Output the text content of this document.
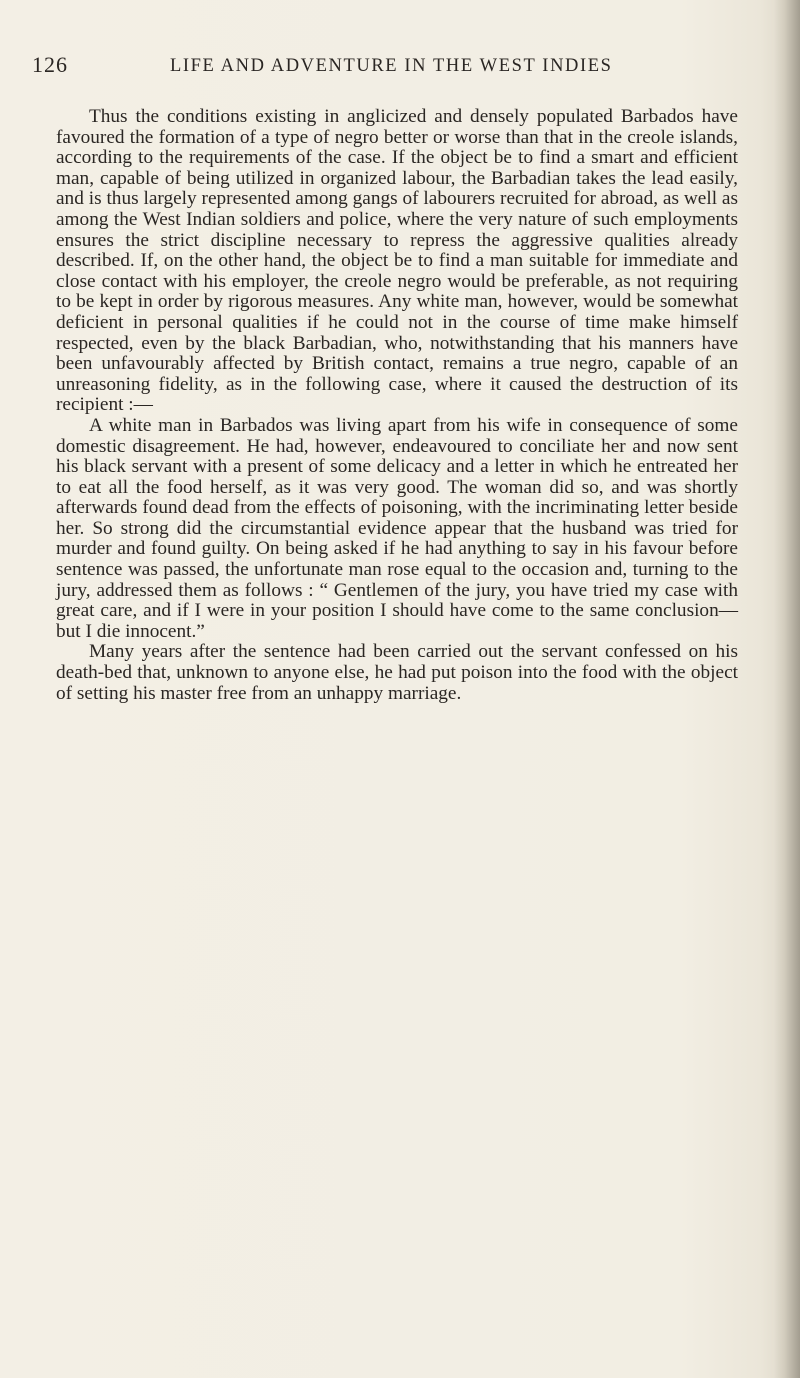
126	LIFE AND ADVENTURE IN THE WEST INDIES

Thus the conditions existing in anglicized and densely populated Barbados have favoured the formation of a type of negro better or worse than that in the creole islands, according to the requirements of the case. If the object be to find a smart and efficient man, capable of being utilized in organized labour, the Barbadian takes the lead easily, and is thus largely represented among gangs of labourers recruited for abroad, as well as among the West Indian soldiers and police, where the very nature of such employments ensures the strict discipline necessary to repress the aggressive qualities already described. If, on the other hand, the object be to find a man suitable for immediate and close contact with his employer, the creole negro would be preferable, as not requiring to be kept in order by rigorous measures. Any white man, however, would be somewhat deficient in personal qualities if he could not in the course of time make himself respected, even by the black Barbadian, who, notwithstanding that his manners have been unfavourably affected by British contact, remains a true negro, capable of an unreasoning fidelity, as in the following case, where it caused the destruction of its recipient :—

A white man in Barbados was living apart from his wife in consequence of some domestic disagreement. He had, however, endeavoured to conciliate her and now sent his black servant with a present of some delicacy and a letter in which he entreated her to eat all the food herself, as it was very good. The woman did so, and was shortly afterwards found dead from the effects of poisoning, with the incriminating letter beside her. So strong did the circumstantial evidence appear that the husband was tried for murder and found guilty. On being asked if he had anything to say in his favour before sentence was passed, the unfortunate man rose equal to the occasion and, turning to the jury, addressed them as follows : “ Gentlemen of the jury, you have tried my case with great care, and if I were in your position I should have come to the same conclusion—but I die innocent.”

Many years after the sentence had been carried out the servant confessed on his death-bed that, unknown to anyone else, he had put poison into the food with the object of setting his master free from an unhappy marriage.
